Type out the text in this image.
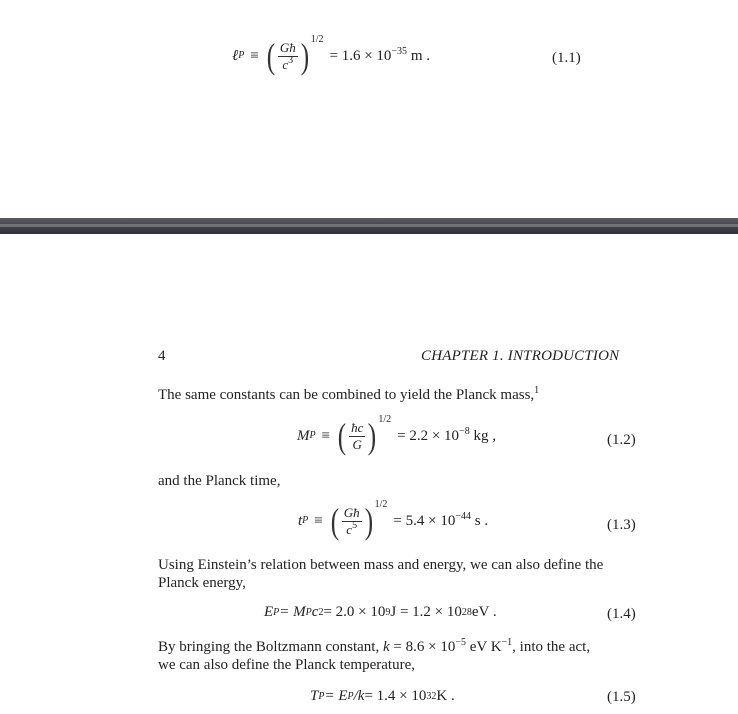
ℓ P ≡ ( $\frac{Għ}{c^3}$ ) 1/2
= $1.6 \times 10^{-35}$ m .	(1.1)
4	CHAPTER 1. INTRODUCTION
The same constants can be combined to yield the Planck mass,$^1$
M P ≡ ( $\frac{ħc}{G}$ ) 1/2
= $2.2 \times 10^{-8}$ kg ,	(1.2)
and the Planck time,
t P ≡ ( $\frac{Għ}{c^5}$ ) 1/2
= $5.4 \times 10^{-44}$ s .	(1.3)
Using Einstein’s relation between mass and energy, we can also define the
Planck energy,
E P = M P c 2 = 2.0 × 10 9 J = 1.2 × 10 28 eV .	(1.4)
By bringing the Boltzmann constant, $k = 8.6 \times 10^{-5}$ eV $K^{-1}$, into the act,
we can also define the Planck temperature,
T P = E P /k = 1.4 × 10 32 K .	(1.5)
